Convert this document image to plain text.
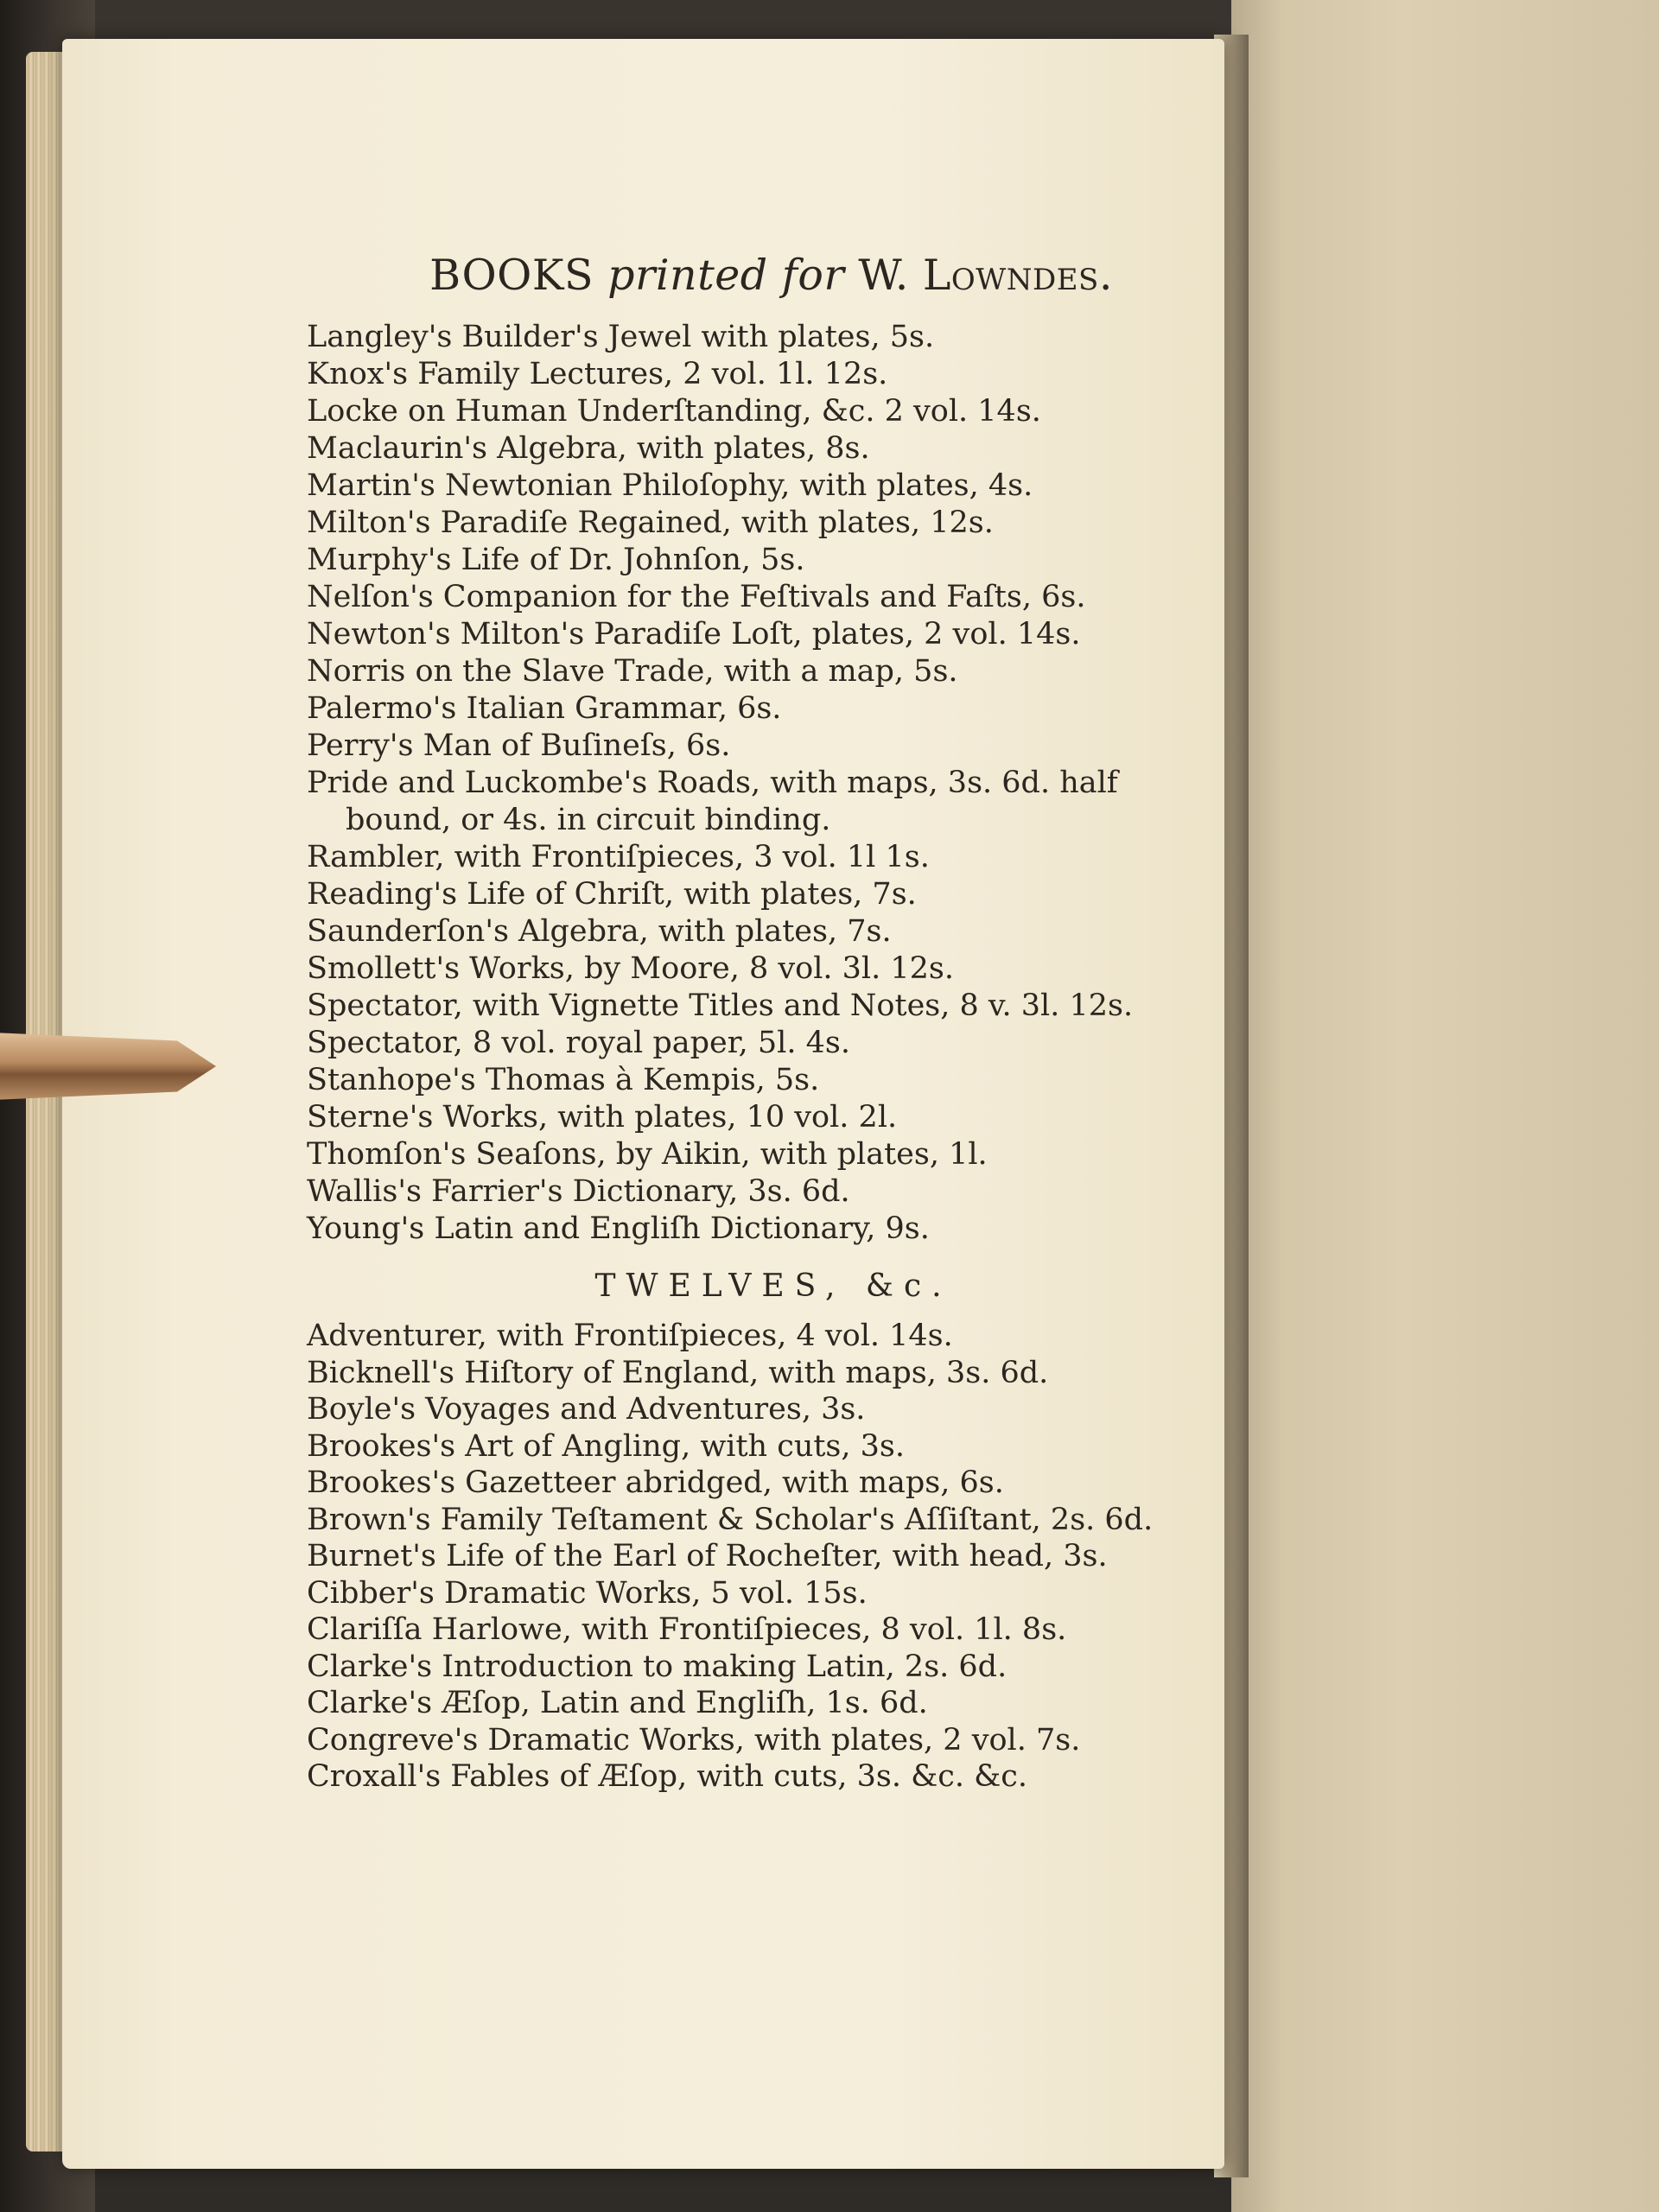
BOOKS printed for W. Lowndes.

Langley's Builder's Jewel with plates, 5s.

Knox's Family Lectures, 2 vol. 1l. 12s.

Locke on Human Underſtanding, &c. 2 vol. 14s.

Maclaurin's Algebra, with plates, 8s.

Martin's Newtonian Philoſophy, with plates, 4s.

Milton's Paradiſe Regained, with plates, 12s.

Murphy's Life of Dr. Johnſon, 5s.

Nelſon's Companion for the Feſtivals and Faſts, 6s.

Newton's Milton's Paradiſe Loſt, plates, 2 vol. 14s.

Norris on the Slave Trade, with a map, 5s.

Palermo's Italian Grammar, 6s.

Perry's Man of Buſineſs, 6s.

Pride and Luckombe's Roads, with maps, 3s. 6d. half

bound, or 4s. in circuit binding.

Rambler, with Frontiſpieces, 3 vol. 1l 1s.

Reading's Life of Chriſt, with plates, 7s.

Saunderſon's Algebra, with plates, 7s.

Smollett's Works, by Moore, 8 vol. 3l. 12s.

Spectator, with Vignette Titles and Notes, 8 v. 3l. 12s.

Spectator, 8 vol. royal paper, 5l. 4s.

Stanhope's Thomas à Kempis, 5s.

Sterne's Works, with plates, 10 vol. 2l.

Thomſon's Seaſons, by Aikin, with plates, 1l.

Wallis's Farrier's Dictionary, 3s. 6d.

Young's Latin and Engliſh Dictionary, 9s.

TWELVES, &c.

Adventurer, with Frontiſpieces, 4 vol. 14s.

Bicknell's Hiſtory of England, with maps, 3s. 6d.

Boyle's Voyages and Adventures, 3s.

Brookes's Art of Angling, with cuts, 3s.

Brookes's Gazetteer abridged, with maps, 6s.

Brown's Family Teſtament & Scholar's Aſſiſtant, 2s. 6d.

Burnet's Life of the Earl of Rocheſter, with head, 3s.

Cibber's Dramatic Works, 5 vol. 15s.

Clariſſa Harlowe, with Frontiſpieces, 8 vol. 1l. 8s.

Clarke's Introduction to making Latin, 2s. 6d.

Clarke's Æſop, Latin and Engliſh, 1s. 6d.

Congreve's Dramatic Works, with plates, 2 vol. 7s.

Croxall's Fables of Æſop, with cuts, 3s. &c. &c.
